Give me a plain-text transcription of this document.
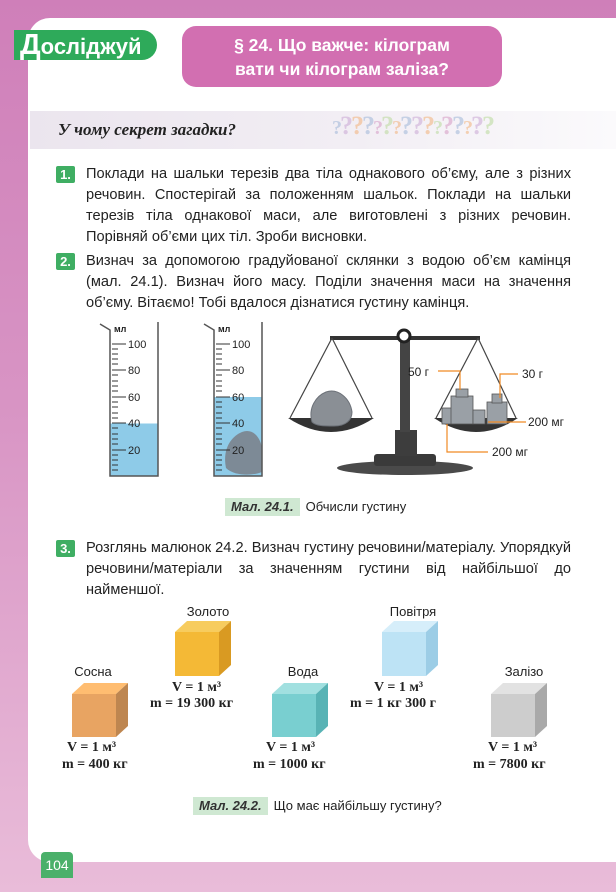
Досліджуй	§ 24. Що важче: кілограм
вати чи кілограм заліза?
У чому секрет загадки?	????????????????
1.	Поклади на шальки терезів два тіла однакового об’єму, але з різних речовин. Спостерігай за положенням шальок. Поклади на шальки терезів тіла однакової маси, але виготовлені з різних речовин. Порівняй об’єми цих тіл. Зроби висновки.
2.	Визнач за допомогою градуйованої склянки з водою об’єм камінця (мал. 24.1). Визнач його масу. Поділи значення маси на значення об’єму. Вітаємо! Тобі вдалося дізнатися густину камінця.
мл
100
80
60
40
20
мл
100
80
60
40
20
50 г	30 г
200 мг
200 мг
Мал. 24.1. Обчисли густину
3.	Розглянь малюнок 24.2. Визнач густину речовини/матеріалу. Упорядкуй речовини/матеріали за значенням густини від найбільшої до найменшої.
Сосна
V = 1 м³
m = 400 кг
Золото
V = 1 м³
m = 19 300 кг
Вода
V = 1 м³
m = 1000 кг
Повітря
V = 1 м³
m = 1 кг 300 г
Залізо
V = 1 м³
m = 7800 кг
Мал. 24.2. Що має найбільшу густину?
104
